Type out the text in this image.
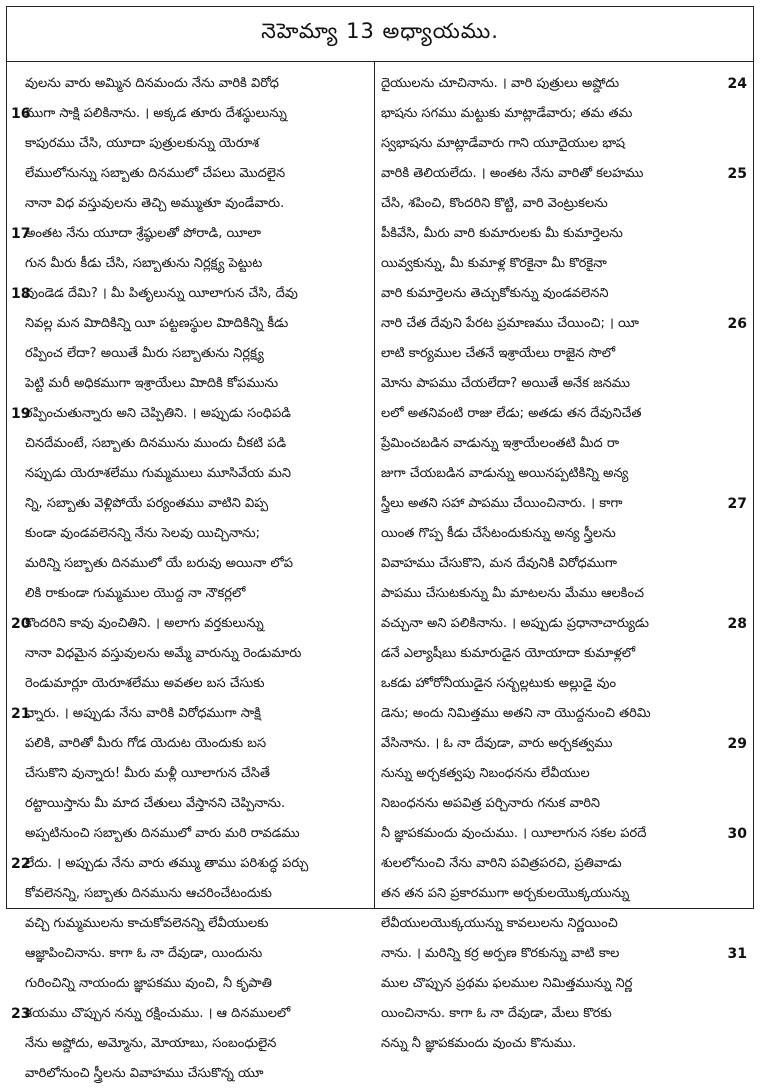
నెహెమ్యా 13 అధ్యాయము.
వులను వారు అమ్మిన దినమందు నేను వారికి విరోధ
16
ముగా సాక్షి పలికినాను. । అక్కడ తూరు దేశస్థులున్ను
కాపురము చేసి, యూదా పుత్రులకున్ను యెరూశ
లేములోనున్ను సబ్బాతు దినములో చేపలు మొదలైన
నానా విధ వస్తువులను తెచ్చి అమ్ముతూ వుండేవారు.
17
అంతట నేను యూదా శ్రేష్ఠులతో పోరాడి, యీలా
గున మీరు కీడు చేసి, సబ్బాతును నిర్లక్ష్య పెట్టుట
18
వుండెడ దేమి? । మీ పితృలున్ను యీలాగున చేసి, దేవు
నివల్ల మన మిాదికిన్ని యీ పట్టణస్థుల మిాదికిన్ని కీడు
రప్పించ లేదా? అయితే మీరు సబ్బాతును నిర్లక్ష్య
పెట్టి మరీ అధికముగా ఇశ్రాయేలు మిాదికి కోపమును
19
రప్పించుతున్నారు అని చెప్పితిని. । అప్పుడు సంధిపడి
చినదేమంటే, సబ్బాతు దినమును ముందు చీకటి పడి
నప్పుడు యెరూశలేము గుమ్మములు మూసివేయ మని
న్ని, సబ్బాతు వెళ్లిపోయే పర్యంతము వాటిని విప్ప
కుండా వుండవలెనన్ని నేను సెలవు యిచ్చినాను;
మరిన్ని సబ్బాతు దినములో యే బరువు అయినా లోప
లికి రాకుండా గుమ్మముల యొద్ద నా నౌకర్లలో
20
కొందరిని కావు వుంచితిని. । అలాగు వర్తకులున్ను
నానా విధమైన వస్తువులను అమ్మే వారున్ను రెండుమారు
రెండుమార్లూ యెరూశలేము అవతల బస చేసుకు
21
న్నారు. । అప్పుడు నేను వారికి విరోధముగా సాక్షి
పలికి, వారితో మీరు గోడ యెదుట యెందుకు బస
చేసుకొని వున్నారు! మీరు మళ్లీ యీలాగున చేసితే
రట్టాయిస్తాను మీ మాద చేతులు వేస్తానని చెప్పినాను.
అప్పటినుంచి సబ్బాతు దినములో వారు మరి రావడము
22
లేదు. । అప్పుడు నేను వారు తమ్ము తాము పరిశుద్ధ పర్చు
కోవలెనన్ని, సబ్బాతు దినమును ఆచరించేటందుకు
వచ్చి గుమ్మములను కాచుకోవలెనన్ని లేవీయులకు
ఆజ్ఞాపించినాను. కాగా ఓ నా దేవుడా, యిందును
గురించిన్ని నాయందు జ్ఞాపకము వుంచి, నీ కృపాతి
23
శయము చొప్పున నన్ను రక్షించుము. । ఆ దినములలో
నేను అష్డోదు, అమ్మోను, మోయాబు, సంబంధులైన
వారిలోనుంచి స్త్రీలను వివాహము చేసుకొన్న యూ
24
దైయులను చూచినాను. । వారి పుత్రులు అష్డోదు
భాషను సగము మట్టుకు మాట్లాడేవారు; తమ తమ
స్వభాషను మాట్లాడేవారు గాని యూదైయుల భాష
25
వారికి తెలియలేదు. । అంతట నేను వారితో కలహము
చేసి, శపించి, కొందరిని కొట్టి, వారి వెంట్రుకలను
పీకివేసి, మీరు వారి కుమారులకు మీ కుమార్తెలను
యివ్వకున్ను, మీ కుమాళ్ల కొరకైనా మీ కొరకైనా
వారి కుమార్తెలను తెచ్చుకోకున్ను వుండవలెనని
26
నారి చేత దేవుని పేరట ప్రమాణము చేయించి; । యీ
లాటి కార్యముల చేతనే ఇశ్రాయేలు రాజైన సొలో
మోను పాపము చేయలేదా? అయితే అనేక జనము
లలో అతనివంటి రాజు లేడు; అతడు తన దేవునిచేత
ప్రేమించబడిన వాడున్ను ఇశ్రాయేలంతటి మీద రా
జుగా చేయబడిన వాడున్ను అయినప్పటికిన్ని అన్య
27
స్త్రీలు అతని సహా పాపము చేయించినారు. । కాగా
యింత గొప్ప కీడు చేసేటందుకున్ను అన్య స్త్రీలను
వివాహము చేసుకొని, మన దేవునికి విరోధముగా
పాపము చేసుటకున్ను మీ మాటలను మేము ఆలకించ
28
వచ్చునా అని పలికినాను. । అప్పుడు ప్రధానాచార్యుడు
డనే ఎల్యాషీబు కుమారుడైన యోయాదా కుమాళ్లలో
ఒకడు హోరోనీయుడైన సన్బల్లటుకు అల్లుడై వుం
డెను; అందు నిమిత్తము అతని నా యొద్దనుంచి తరిమి
29
వేసినాను. । ఓ నా దేవుడా, వారు అర్చకత్వము
నున్ను అర్చకత్వపు నిబంధనను లేవీయుల
నిబంధనను అపవిత్ర పర్చినారు గనుక వారిని
30
నీ జ్ఞాపకమందు వుంచుము. । యీలాగున సకల పరదే
శులలోనుంచి నేను వారిని పవిత్రపరచి, ప్రతివాడు
తన తన పని ప్రకారముగా అర్చకులయొక్కయున్ను
లేవీయులయొక్కయున్ను కావలులను నిర్ణయించి
31
నాను. । మరిన్ని కర్ర అర్పణ కొరకున్ను వాటి కాల
ముల చొప్పున ప్రథమ ఫలముల నిమిత్తమున్ను నిర్ణ
యించినాను. కాగా ఓ నా దేవుడా, మేలు కొరకు
నన్ను నీ జ్ఞాపకమందు వుంచు కొనుము.
